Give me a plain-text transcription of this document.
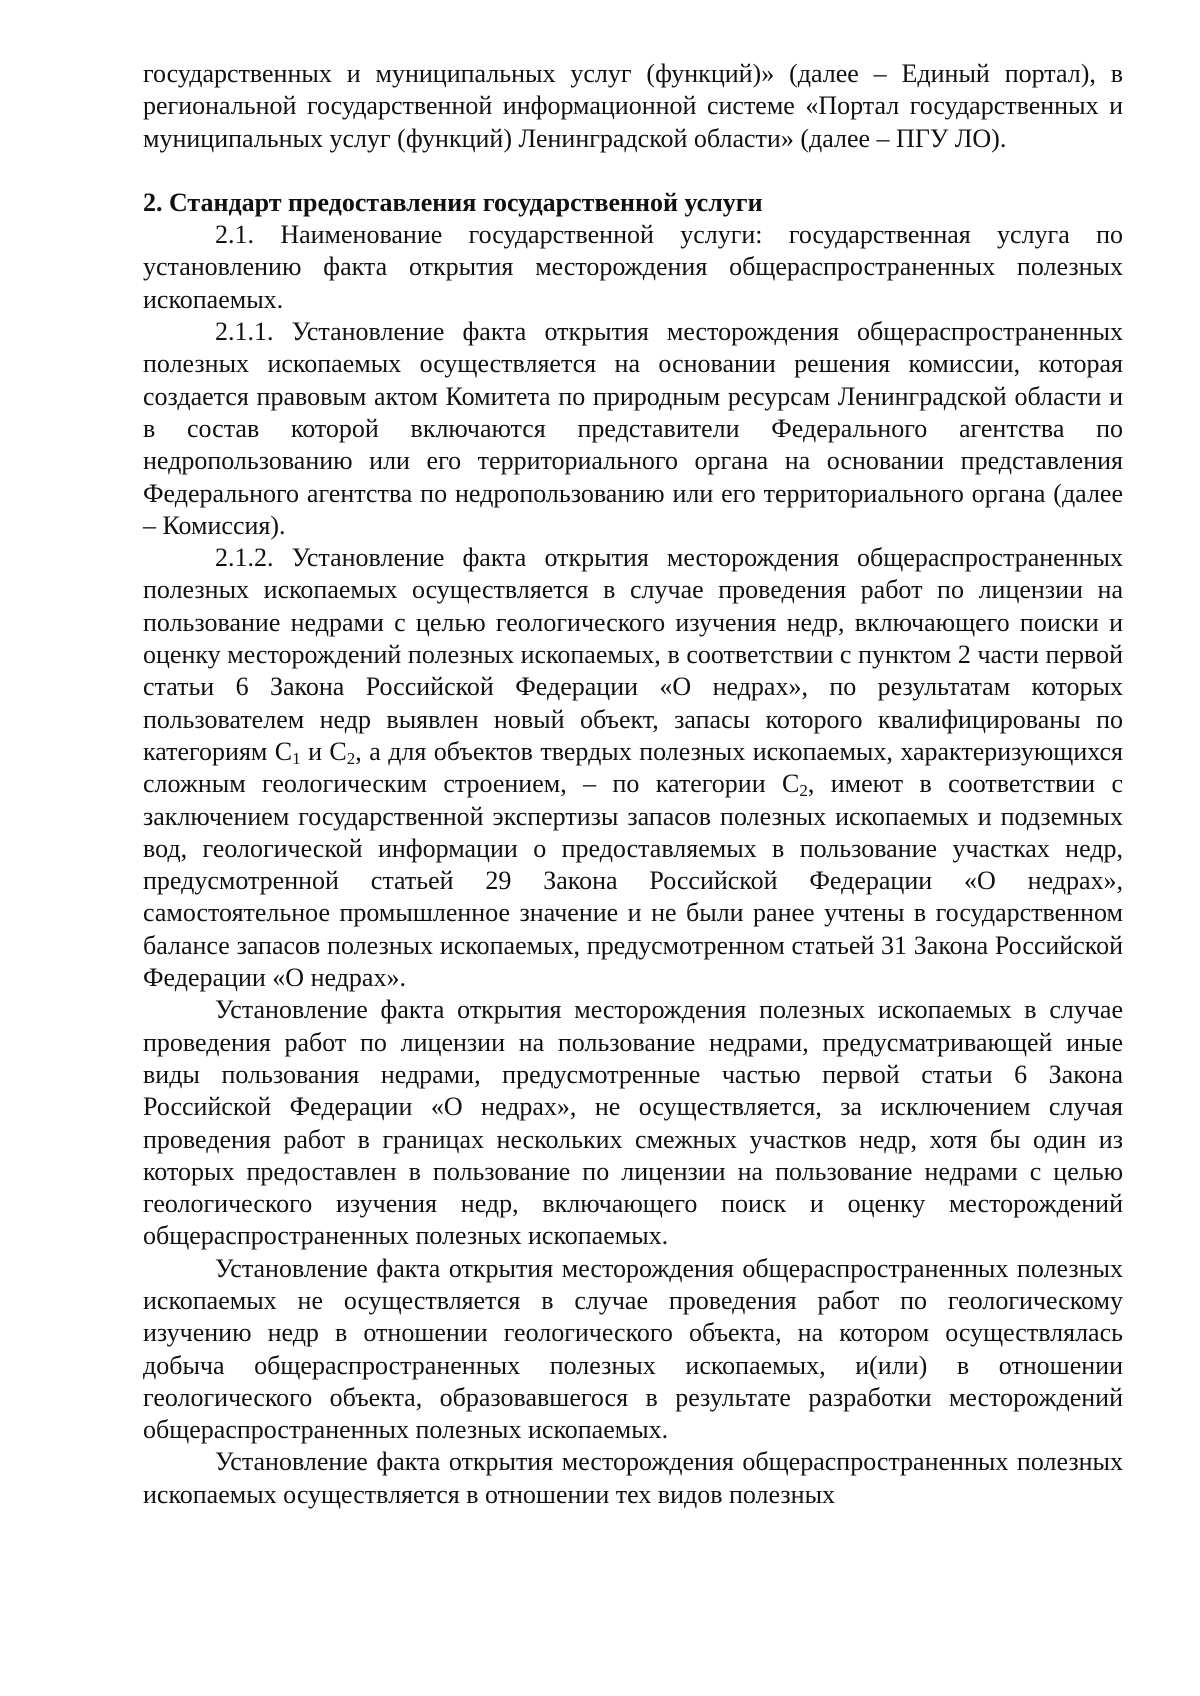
государственных и муниципальных услуг (функций)» (далее – Единый портал), в региональной государственной информационной системе «Портал государственных и муниципальных услуг (функций) Ленинградской области» (далее – ПГУ ЛО).

2. Стандарт предоставления государственной услуги

2.1. Наименование государственной услуги: государственная услуга по установлению факта открытия месторождения общераспространенных полезных ископаемых.

2.1.1. Установление факта открытия месторождения общераспространенных полезных ископаемых осуществляется на основании решения комиссии, которая создается правовым актом Комитета по природным ресурсам Ленинградской области и в состав которой включаются представители Федерального агентства по недропользованию или его территориального органа на основании представления Федерального агентства по недропользованию или его территориального органа (далее – Комиссия).

2.1.2. Установление факта открытия месторождения общераспространенных полезных ископаемых осуществляется в случае проведения работ по лицензии на пользование недрами с целью геологического изучения недр, включающего поиски и оценку месторождений полезных ископаемых, в соответствии с пунктом 2 части первой статьи 6 Закона Российской Федерации «О недрах», по результатам которых пользователем недр выявлен новый объект, запасы которого квалифицированы по категориям $C_1$ и $C_2$, а для объектов твердых полезных ископаемых, характеризующихся сложным геологическим строением, – по категории $C_2$, имеют в соответствии с заключением государственной экспертизы запасов полезных ископаемых и подземных вод, геологической информации о предоставляемых в пользование участках недр, предусмотренной статьей 29 Закона Российской Федерации «О недрах», самостоятельное промышленное значение и не были ранее учтены в государственном балансе запасов полезных ископаемых, предусмотренном статьей 31 Закона Российской Федерации «О недрах».

Установление факта открытия месторождения полезных ископаемых в случае проведения работ по лицензии на пользование недрами, предусматривающей иные виды пользования недрами, предусмотренные частью первой статьи 6 Закона Российской Федерации «О недрах», не осуществляется, за исключением случая проведения работ в границах нескольких смежных участков недр, хотя бы один из которых предоставлен в пользование по лицензии на пользование недрами с целью геологического изучения недр, включающего поиск и оценку месторождений общераспространенных полезных ископаемых.

Установление факта открытия месторождения общераспространенных полезных ископаемых не осуществляется в случае проведения работ по геологическому изучению недр в отношении геологического объекта, на котором осуществлялась добыча общераспространенных полезных ископаемых, и(или) в отношении геологического объекта, образовавшегося в результате разработки месторождений общераспространенных полезных ископаемых.

Установление факта открытия месторождения общераспространенных полезных ископаемых осуществляется в отношении тех видов полезных
